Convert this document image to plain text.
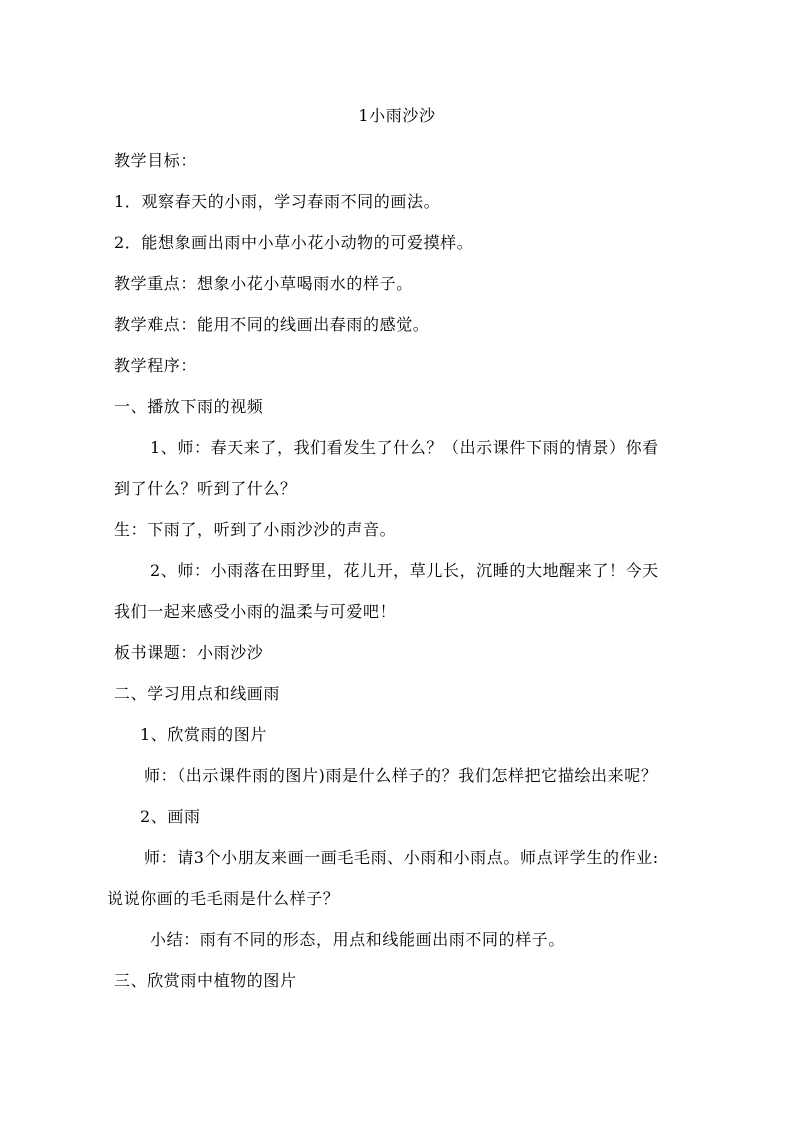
1小雨沙沙
教学目标：
1．观察春天的小雨，学习春雨不同的画法。
2．能想象画出雨中小草小花小动物的可爱摸样。
教学重点：想象小花小草喝雨水的样子。
教学难点：能用不同的线画出春雨的感觉。
教学程序：
一、播放下雨的视频
1、师：春天来了，我们看发生了什么？（出示课件下雨的情景）你看
到了什么？听到了什么？
生：下雨了，听到了小雨沙沙的声音。
2、师：小雨落在田野里，花儿开，草儿长，沉睡的大地醒来了！今天
我们一起来感受小雨的温柔与可爱吧！
板书课题：小雨沙沙
二、学习用点和线画雨
1、欣赏雨的图片
师：（出示课件雨的图片)雨是什么样子的？我们怎样把它描绘出来呢？
2、画雨
师：请3个小朋友来画一画毛毛雨、小雨和小雨点。师点评学生的作业:
说说你画的毛毛雨是什么样子？
小结：雨有不同的形态，用点和线能画出雨不同的样子。
三、欣赏雨中植物的图片
